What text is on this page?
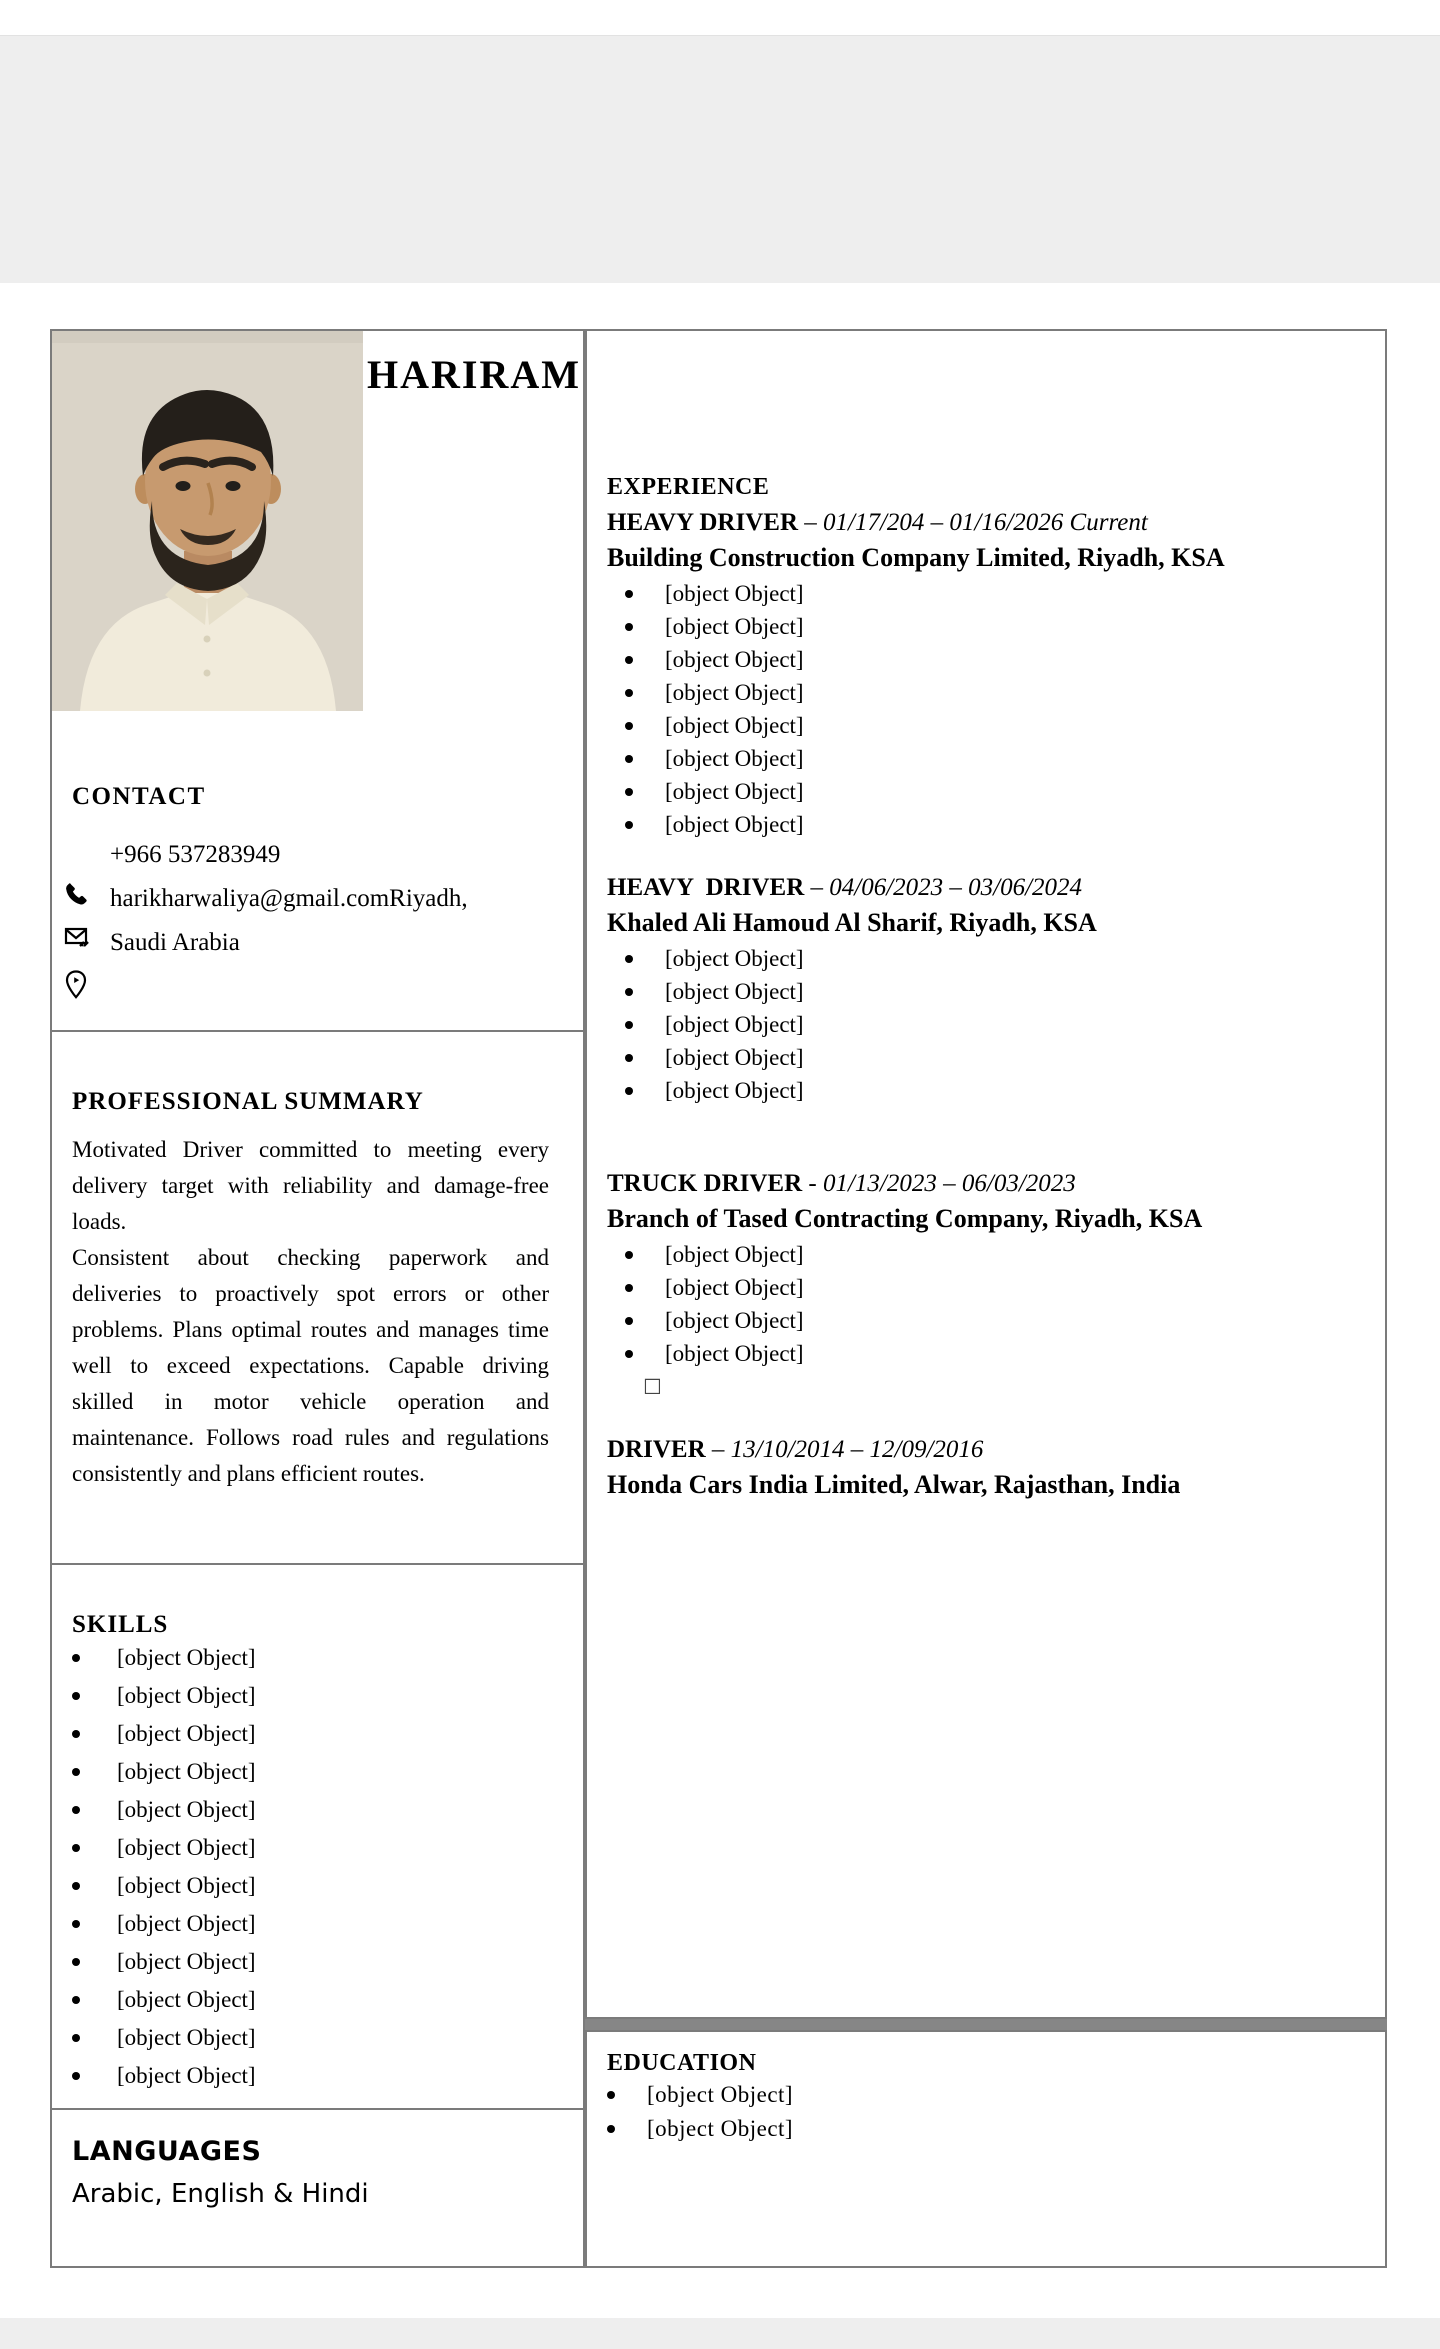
HARIRAM
CONTACT
+966 537283949
harikharwaliya@gmail.comRiyadh,
Saudi Arabia
PROFESSIONAL SUMMARY

Motivated Driver committed to meeting every delivery target with reliability and damage-free loads.

Consistent about checking paperwork and deliveries to proactively spot errors or other problems. Plans optimal routes and manages time well to exceed expectations. Capable driving skilled in motor vehicle operation and maintenance. Follows road rules and regulations consistently and plans efficient routes.

SKILLS
[object Object]
[object Object]
[object Object]
[object Object]
[object Object]
[object Object]
[object Object]
[object Object]
[object Object]
[object Object]
[object Object]
[object Object]
LANGUAGES

Arabic, English & Hindi

EXPERIENCE
HEAVY DRIVER – 01/17/204 – 01/16/2026 Current
Building Construction Company Limited, Riyadh, KSA
[object Object]
[object Object]
[object Object]
[object Object]
[object Object]
[object Object]
[object Object]
[object Object]
HEAVY  DRIVER – 04/06/2023 – 03/06/2024
Khaled Ali Hamoud Al Sharif, Riyadh, KSA
[object Object]
[object Object]
[object Object]
[object Object]
[object Object]
TRUCK DRIVER - 01/13/2023 – 06/03/2023
Branch of Tased Contracting Company, Riyadh, KSA
[object Object]
[object Object]
[object Object]
[object Object]
☐
DRIVER – 13/10/2014 – 12/09/2016
Honda Cars India Limited, Alwar, Rajasthan, India
EDUCATION
[object Object]
[object Object]
